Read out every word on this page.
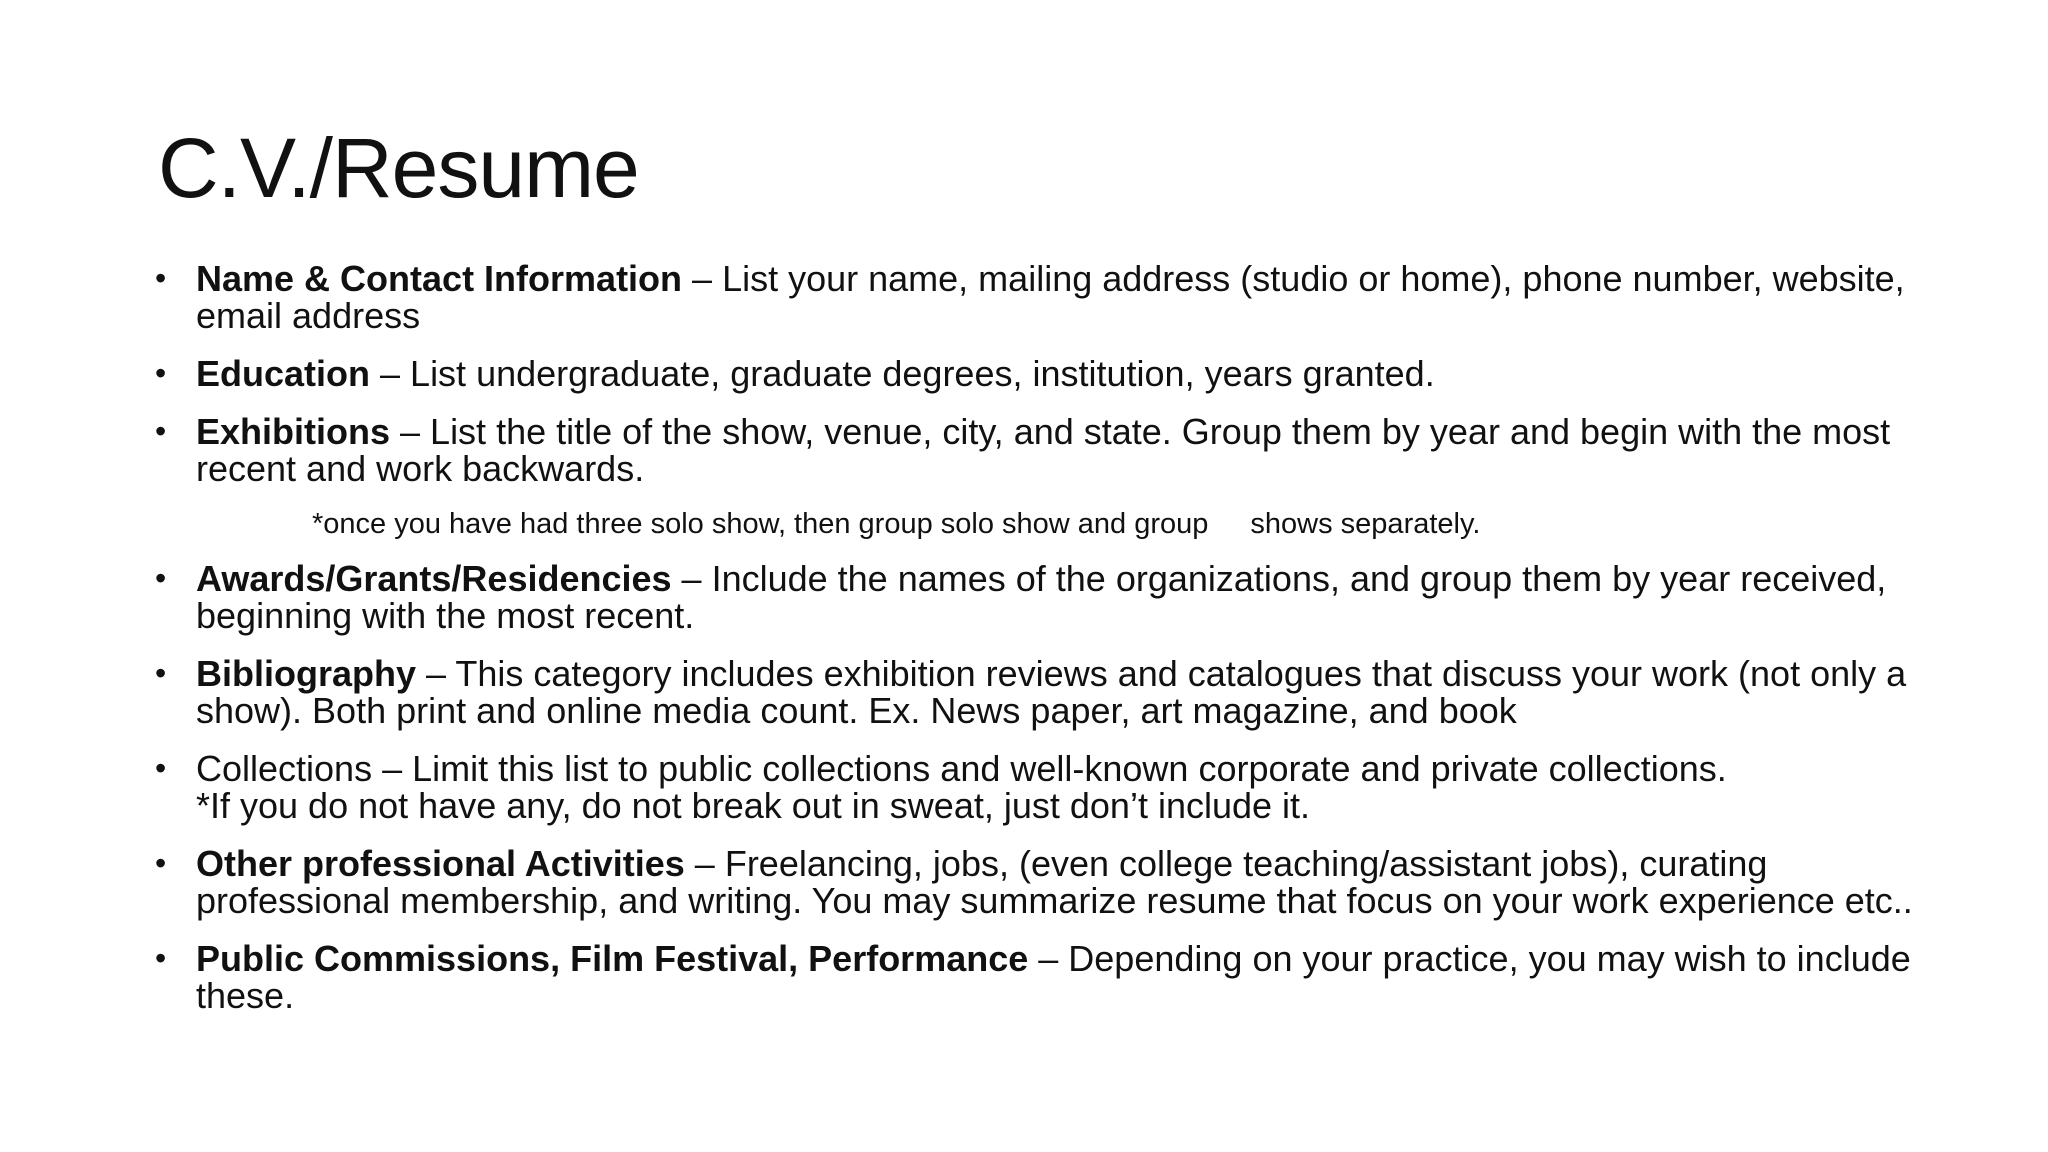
C.V./Resume
• Name & Contact Information – List your name, mailing address (studio or home), phone number, website, email address
• Education – List undergraduate, graduate degrees, institution, years granted.
• Exhibitions – List the title of the show, venue, city, and state. Group them by year and begin with the most recent and work backwards.
*once you have had three solo show, then group solo show and group shows separately.
• Awards/Grants/Residencies – Include the names of the organizations, and group them by year received, beginning with the most recent.
• Bibliography – This category includes exhibition reviews and catalogues that discuss your work (not only a show). Both print and online media count. Ex. News paper, art magazine, and book
• Collections – Limit this list to public collections and well-known corporate and private collections.
*If you do not have any, do not break out in sweat, just don’t include it.
• Other professional Activities – Freelancing, jobs, (even college teaching/assistant jobs), curating professional membership, and writing. You may summarize resume that focus on your work experience etc..
• Public Commissions, Film Festival, Performance – Depending on your practice, you may wish to include these.
